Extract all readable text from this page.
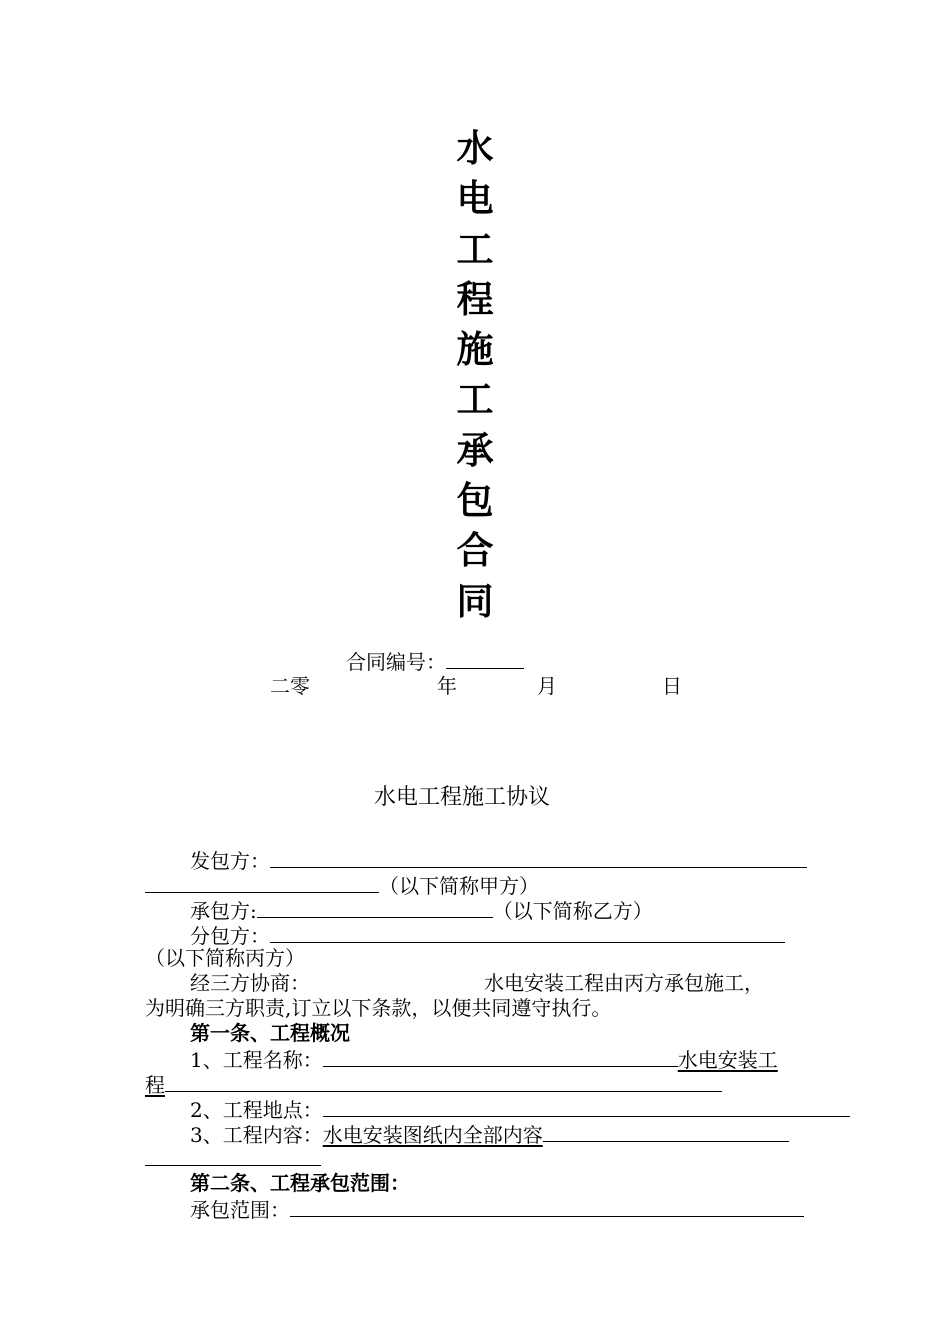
水
电
工
程
施
工
承
包
合
同
合同编号：
二零	年	月	日
水电工程施工协议
发包方：
（以下简称甲方）
承包方:	（以下简称乙方）
分包方：
（以下简称丙方）
经三方协商：	水电安装工程由丙方承包施工，
为明确三方职责,订立以下条款，以便共同遵守执行。
第一条、工程概况
1、工程名称：	水电安装工
程
2、工程地点：
3、工程内容：水电安装图纸内全部内容
第二条、工程承包范围：
承包范围：
